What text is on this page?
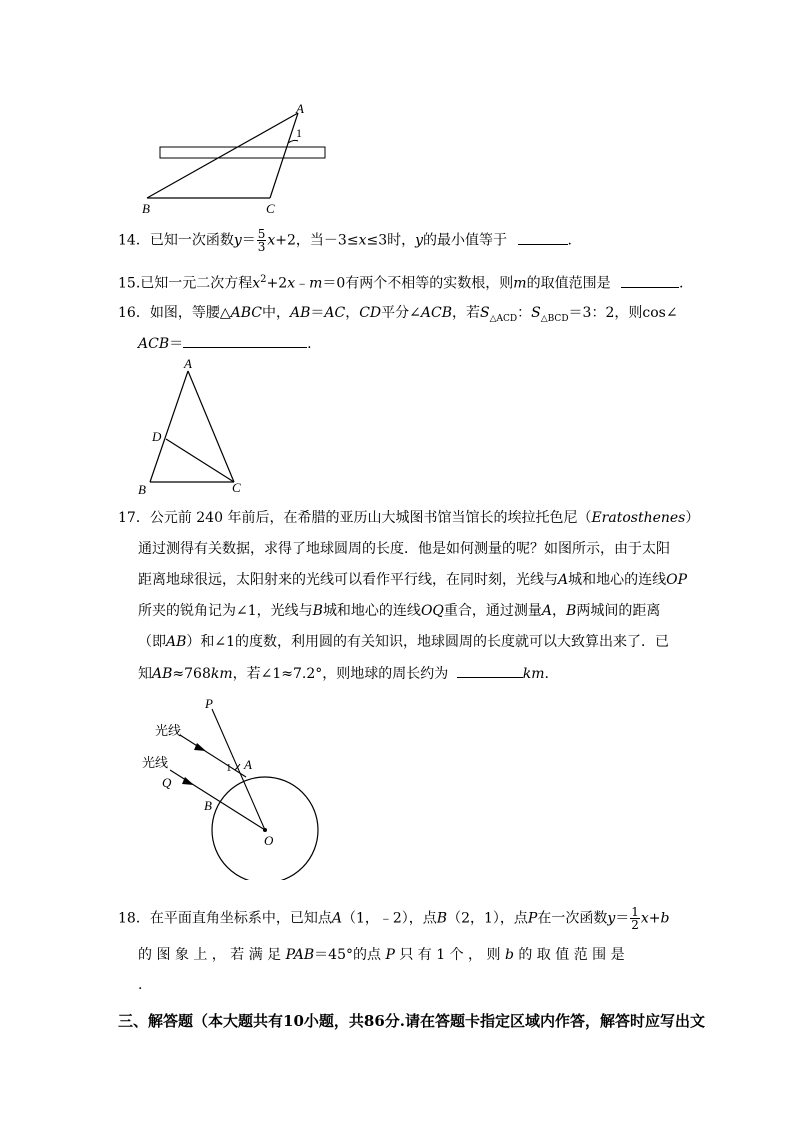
A
1
B	C
14．已知一次函数$y= \frac{5}{3} x+2$，当－3≤x≤3时，y的最小值等于	.
15.已知一元二次方程$x^2+2x﹣m=0$有两个不相等的实数根，则m的取值范围是	.
16．如图，等腰△ABC中，AB＝AC，CD平分∠ACB，若$S_{\triangle ACD}$：$S_{\triangle BCD}=3$：2，则cos∠
ACB＝	.
A
D
B	C
17．公元前 240 年前后，在希腊的亚历山大城图书馆当馆长的埃拉托色尼（Eratosthenes）
通过测得有关数据，求得了地球圆周的长度．他是如何测量的呢？如图所示，由于太阳
距离地球很远，太阳射来的光线可以看作平行线，在同时刻，光线与A城和地心的连线OP
所夹的锐角记为∠1，光线与B城和地心的连线OQ重合，通过测量A，B两城间的距离
（即AB）和∠1的度数，利用圆的有关知识，地球圆周的长度就可以大致算出来了．已
知AB≈768km，若∠1≈7.2°，则地球的周长约为	km.
P
光线
光线
Q
1 A
B
O
18．在平面直角坐标系中，已知点A（1，﹣2），点B（2，1），点P在一次函数$y= \frac{1}{2} x+b$
的 图 象 上 ， 若 满 足 PAB＝45°的点 P 只 有 1 个 ， 则 b 的 取 值 范 围 是
.
三、解答题（本大题共有10小题，共86分.请在答题卡指定区域内作答，解答时应写出文
